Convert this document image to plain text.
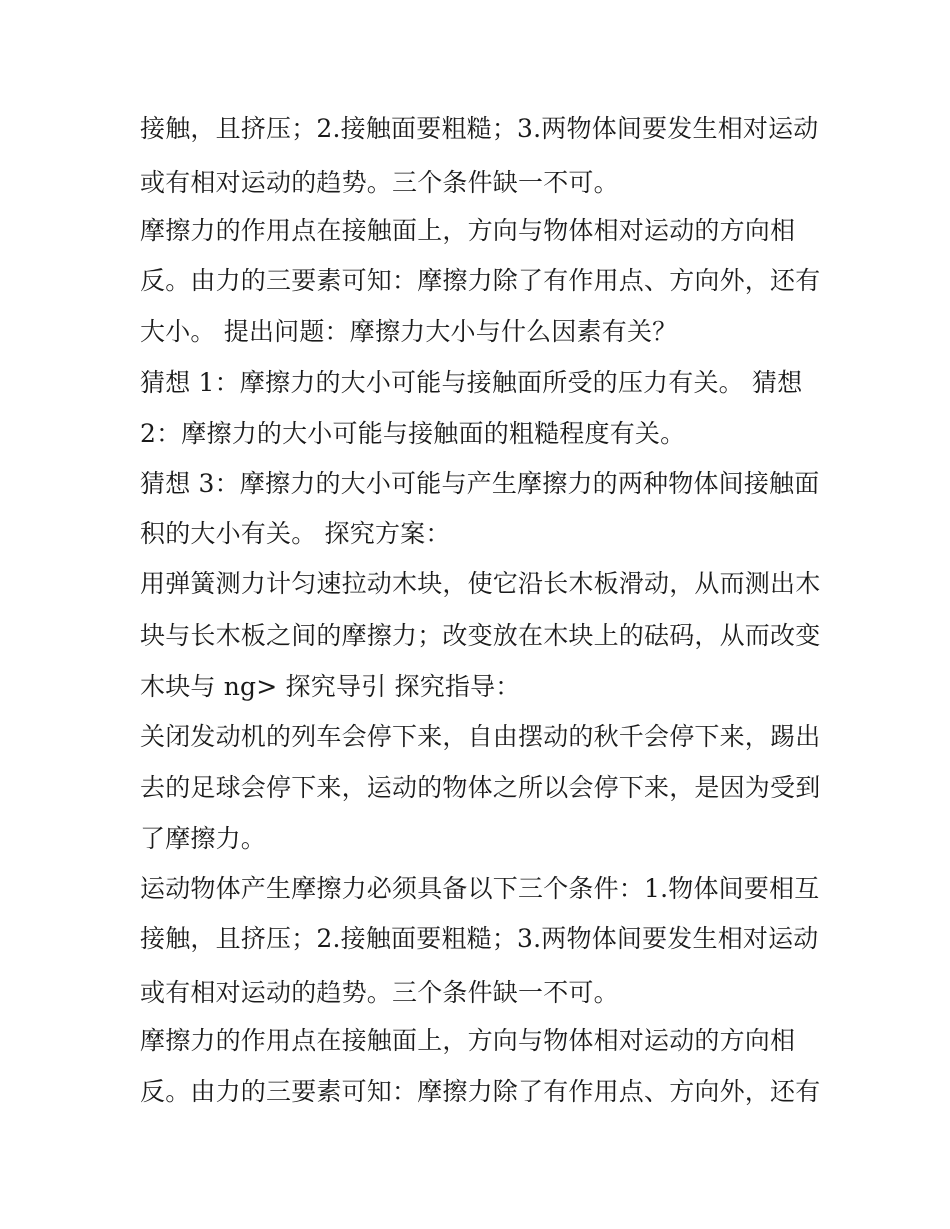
接触，且挤压；2.接触面要粗糙；3.两物体间要发生相对运动
或有相对运动的趋势。三个条件缺一不可。
摩擦力的作用点在接触面上，方向与物体相对运动的方向相
反。由力的三要素可知：摩擦力除了有作用点、方向外，还有
大小。 提出问题：摩擦力大小与什么因素有关？
猜想 1：摩擦力的大小可能与接触面所受的压力有关。 猜想
2：摩擦力的大小可能与接触面的粗糙程度有关。
猜想 3：摩擦力的大小可能与产生摩擦力的两种物体间接触面
积的大小有关。 探究方案：
用弹簧测力计匀速拉动木块，使它沿长木板滑动，从而测出木
块与长木板之间的摩擦力；改变放在木块上的砝码，从而改变
木块与 ng> 探究导引 探究指导：
关闭发动机的列车会停下来，自由摆动的秋千会停下来，踢出
去的足球会停下来，运动的物体之所以会停下来，是因为受到
了摩擦力。
运动物体产生摩擦力必须具备以下三个条件：1.物体间要相互
接触，且挤压；2.接触面要粗糙；3.两物体间要发生相对运动
或有相对运动的趋势。三个条件缺一不可。
摩擦力的作用点在接触面上，方向与物体相对运动的方向相
反。由力的三要素可知：摩擦力除了有作用点、方向外，还有
